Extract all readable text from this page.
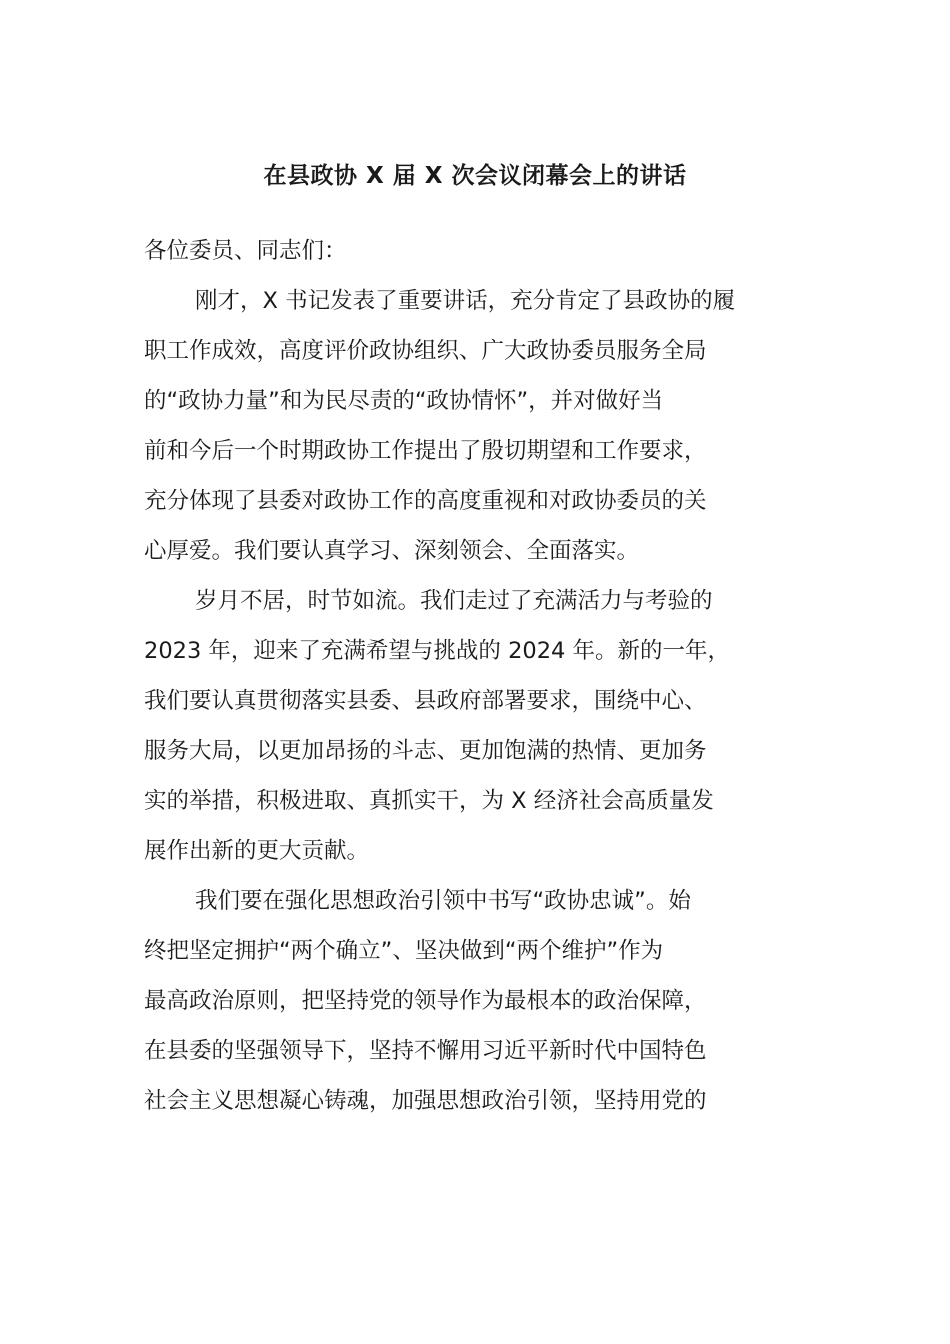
在县政协 X 届 X 次会议闭幕会上的讲话
各位委员、同志们：
刚才，X 书记发表了重要讲话，充分肯定了县政协的履
职工作成效，高度评价政协组织、广大政协委员服务全局
的“政协力量”和为民尽责的“政协情怀”，并对做好当
前和今后一个时期政协工作提出了殷切期望和工作要求，
充分体现了县委对政协工作的高度重视和对政协委员的关
心厚爱。我们要认真学习、深刻领会、全面落实。
岁月不居，时节如流。我们走过了充满活力与考验的
2023 年，迎来了充满希望与挑战的 2024 年。新的一年，
我们要认真贯彻落实县委、县政府部署要求，围绕中心、
服务大局，以更加昂扬的斗志、更加饱满的热情、更加务
实的举措，积极进取、真抓实干，为 X 经济社会高质量发
展作出新的更大贡献。
我们要在强化思想政治引领中书写“政协忠诚”。始
终把坚定拥护“两个确立”、坚决做到“两个维护”作为
最高政治原则，把坚持党的领导作为最根本的政治保障，
在县委的坚强领导下，坚持不懈用习近平新时代中国特色
社会主义思想凝心铸魂，加强思想政治引领，坚持用党的
